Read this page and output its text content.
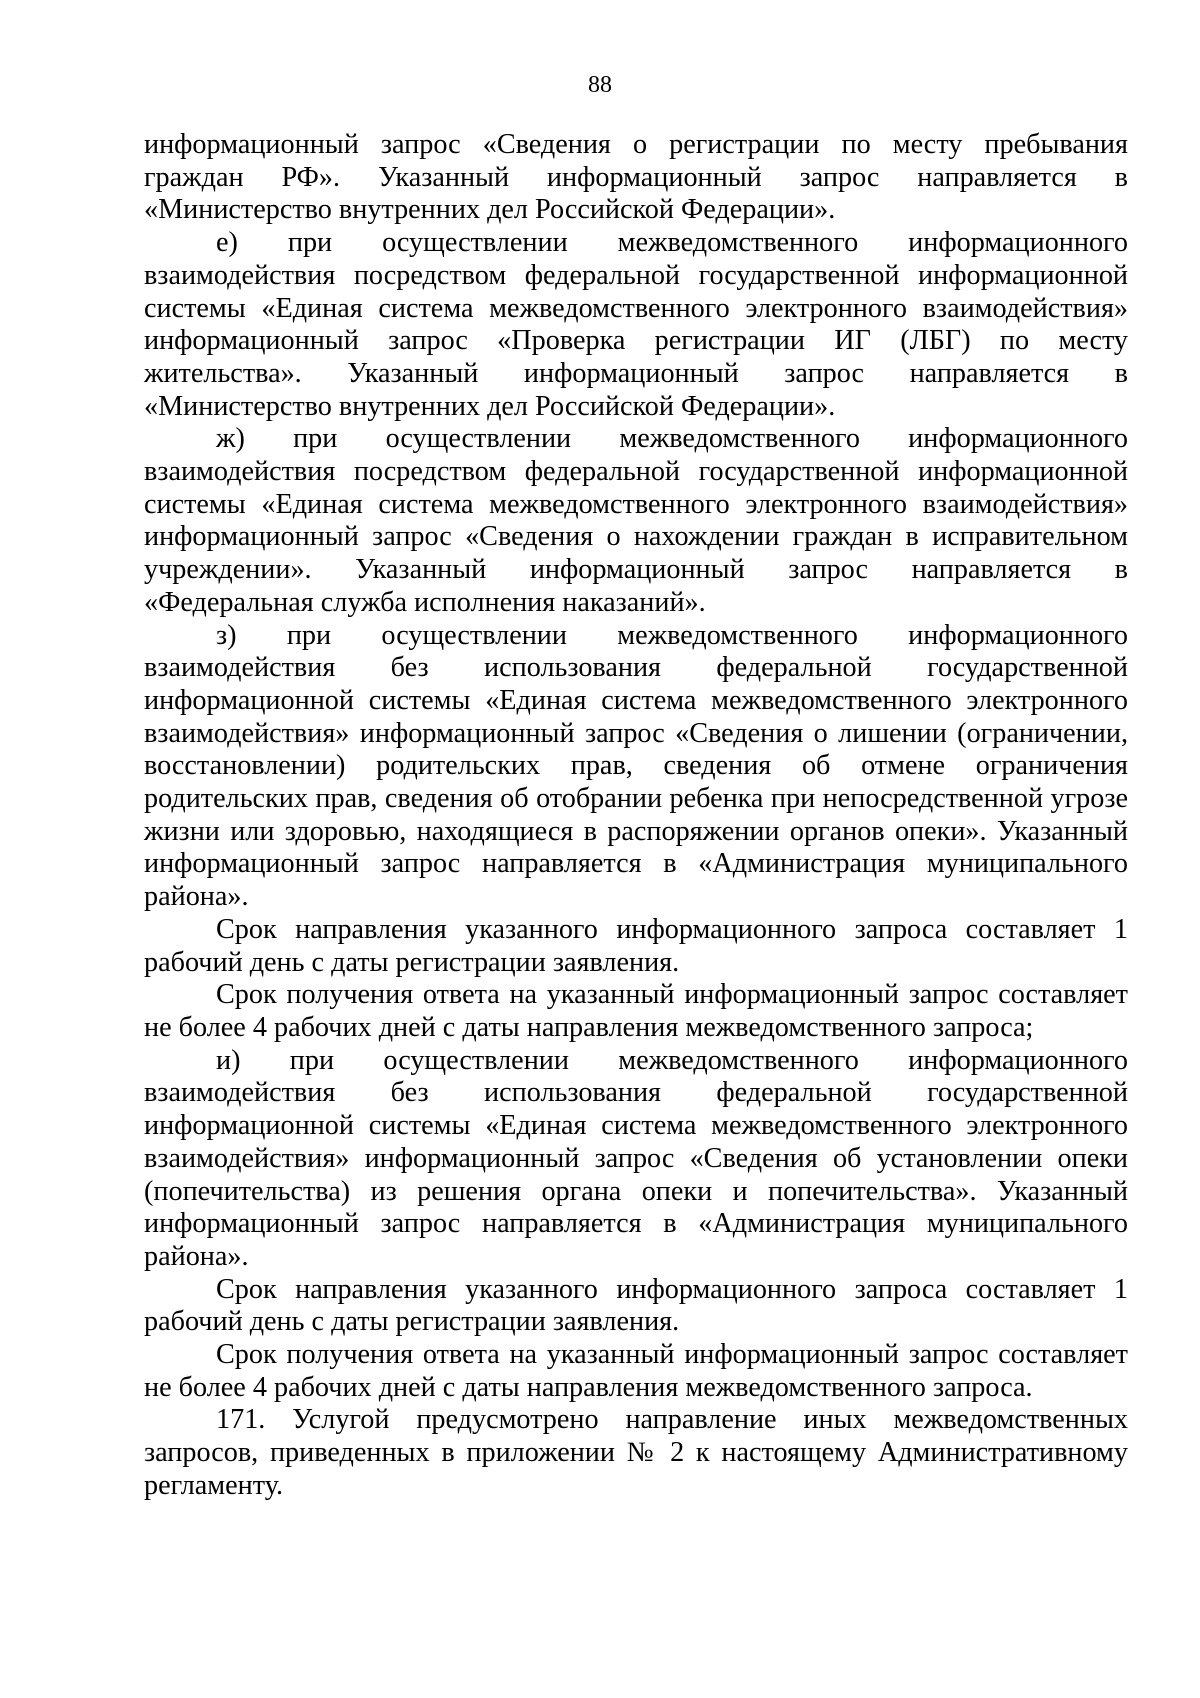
88
информационный запрос «Сведения о регистрации по месту пребывания
граждан РФ». Указанный информационный запрос направляется в
«Министерство внутренних дел Российской Федерации».
е) при осуществлении межведомственного информационного
взаимодействия посредством федеральной государственной информационной
системы «Единая система межведомственного электронного взаимодействия»
информационный запрос «Проверка регистрации ИГ (ЛБГ) по месту
жительства». Указанный информационный запрос направляется в
«Министерство внутренних дел Российской Федерации».
ж) при осуществлении межведомственного информационного
взаимодействия посредством федеральной государственной информационной
системы «Единая система межведомственного электронного взаимодействия»
информационный запрос «Сведения о нахождении граждан в исправительном
учреждении». Указанный информационный запрос направляется в
«Федеральная служба исполнения наказаний».
з) при осуществлении межведомственного информационного
взаимодействия без использования федеральной государственной
информационной системы «Единая система межведомственного электронного
взаимодействия» информационный запрос «Сведения о лишении (ограничении,
восстановлении) родительских прав, сведения об отмене ограничения
родительских прав, сведения об отобрании ребенка при непосредственной угрозе
жизни или здоровью, находящиеся в распоряжении органов опеки». Указанный
информационный запрос направляется в «Администрация муниципального
района».
Срок направления указанного информационного запроса составляет 1
рабочий день с даты регистрации заявления.
Срок получения ответа на указанный информационный запрос составляет
не более 4 рабочих дней с даты направления межведомственного запроса;
и) при осуществлении межведомственного информационного
взаимодействия без использования федеральной государственной
информационной системы «Единая система межведомственного электронного
взаимодействия» информационный запрос «Сведения об установлении опеки
(попечительства) из решения органа опеки и попечительства». Указанный
информационный запрос направляется в «Администрация муниципального
района».
Срок направления указанного информационного запроса составляет 1
рабочий день с даты регистрации заявления.
Срок получения ответа на указанный информационный запрос составляет
не более 4 рабочих дней с даты направления межведомственного запроса.
171. Услугой предусмотрено направление иных межведомственных
запросов, приведенных в приложении № 2 к настоящему Административному
регламенту.
